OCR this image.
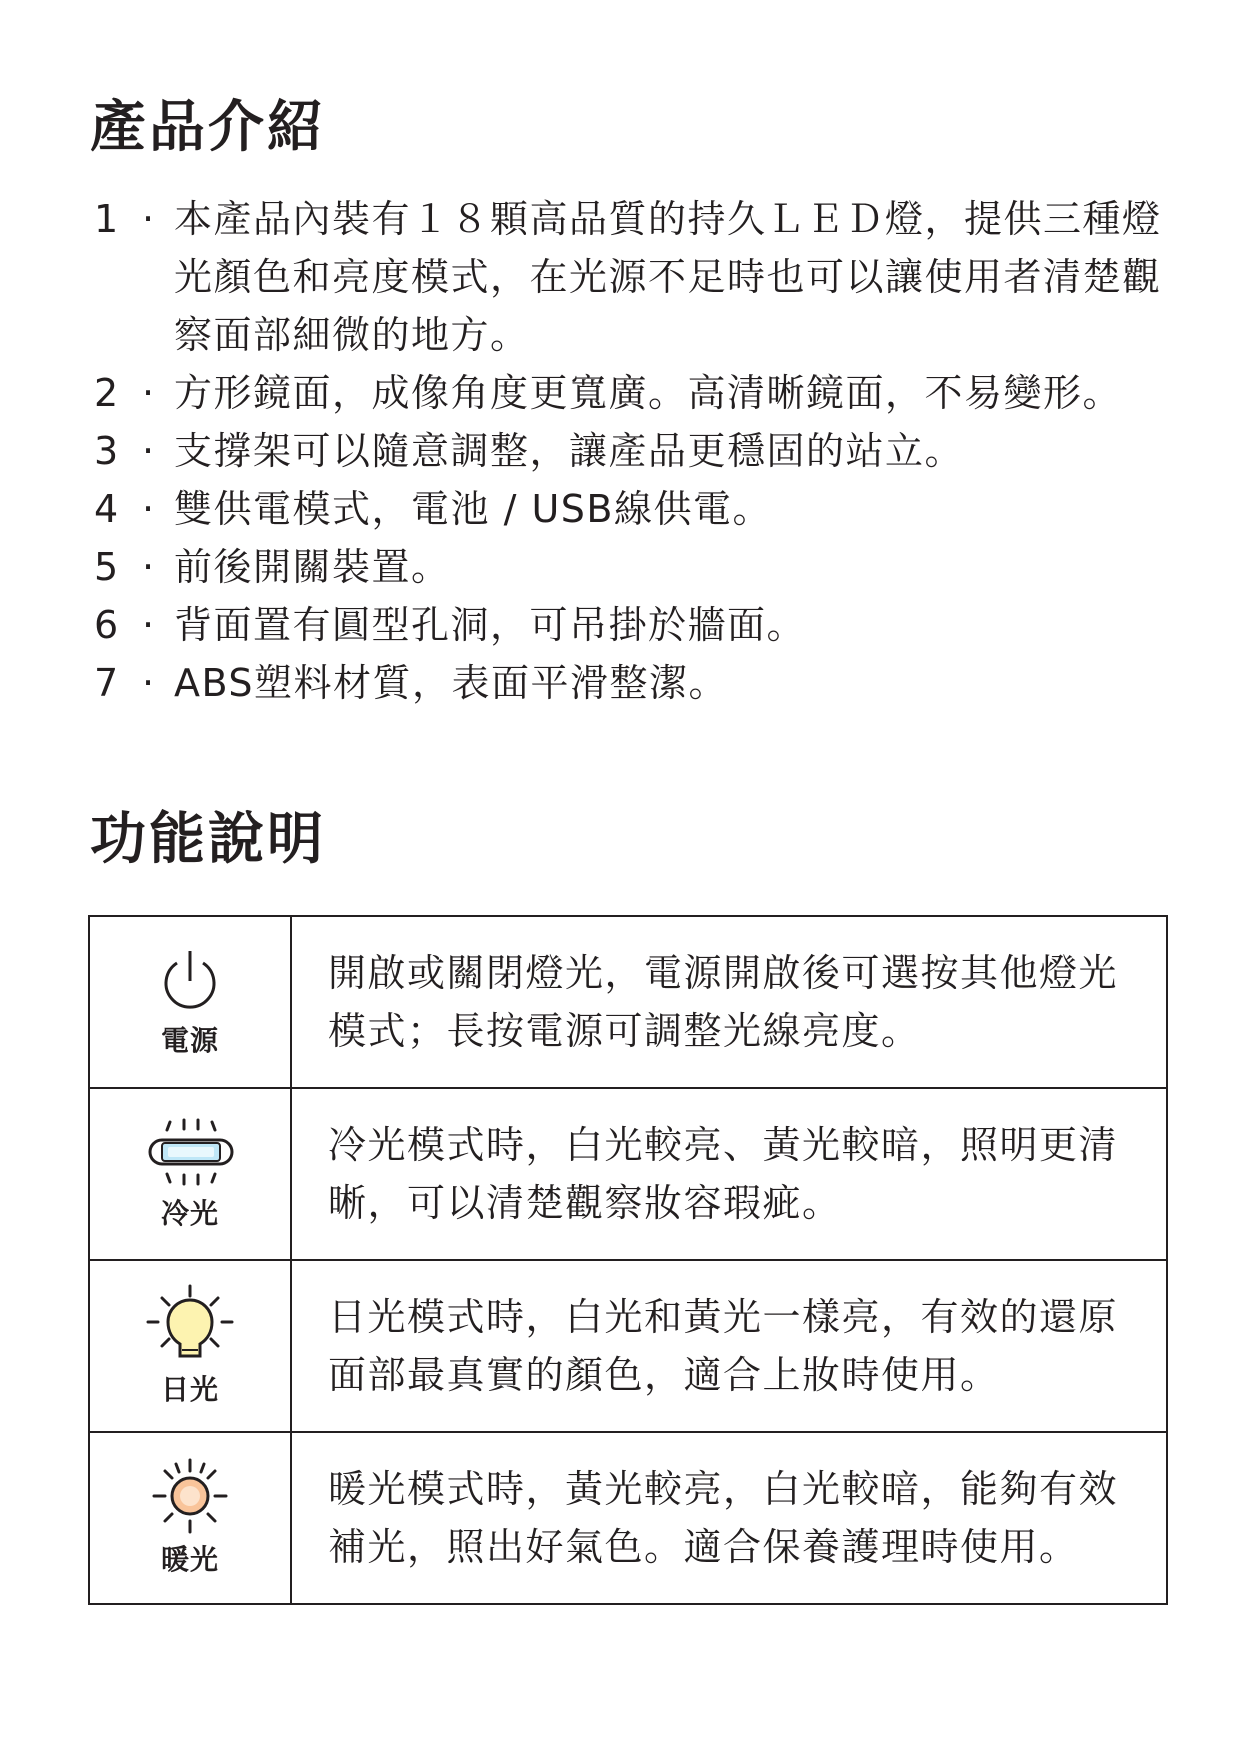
產品介紹
1 · 本產品內裝有１８顆高品質的持久ＬＥＤ燈，提供三種燈光顏色和亮度模式，在光源不足時也可以讓使用者清楚觀察面部細微的地方。
2 · 方形鏡面，成像角度更寬廣。高清晰鏡面，不易變形。
3 · 支撐架可以隨意調整，讓產品更穩固的站立。
4 · 雙供電模式，電池 / USB線供電。
5 · 前後開關裝置。
6 · 背面置有圓型孔洞，可吊掛於牆面。
7 · ABS塑料材質，表面平滑整潔。
功能說明
電源	開啟或關閉燈光，電源開啟後可選按其他燈光模式；長按電源可調整光線亮度。

冷光	冷光模式時，白光較亮、黃光較暗，照明更清晰，可以清楚觀察妝容瑕疵。

日光	日光模式時，白光和黃光一樣亮，有效的還原面部最真實的顏色，適合上妝時使用。

暖光	暖光模式時，黃光較亮，白光較暗，能夠有效補光，照出好氣色。適合保養護理時使用。
